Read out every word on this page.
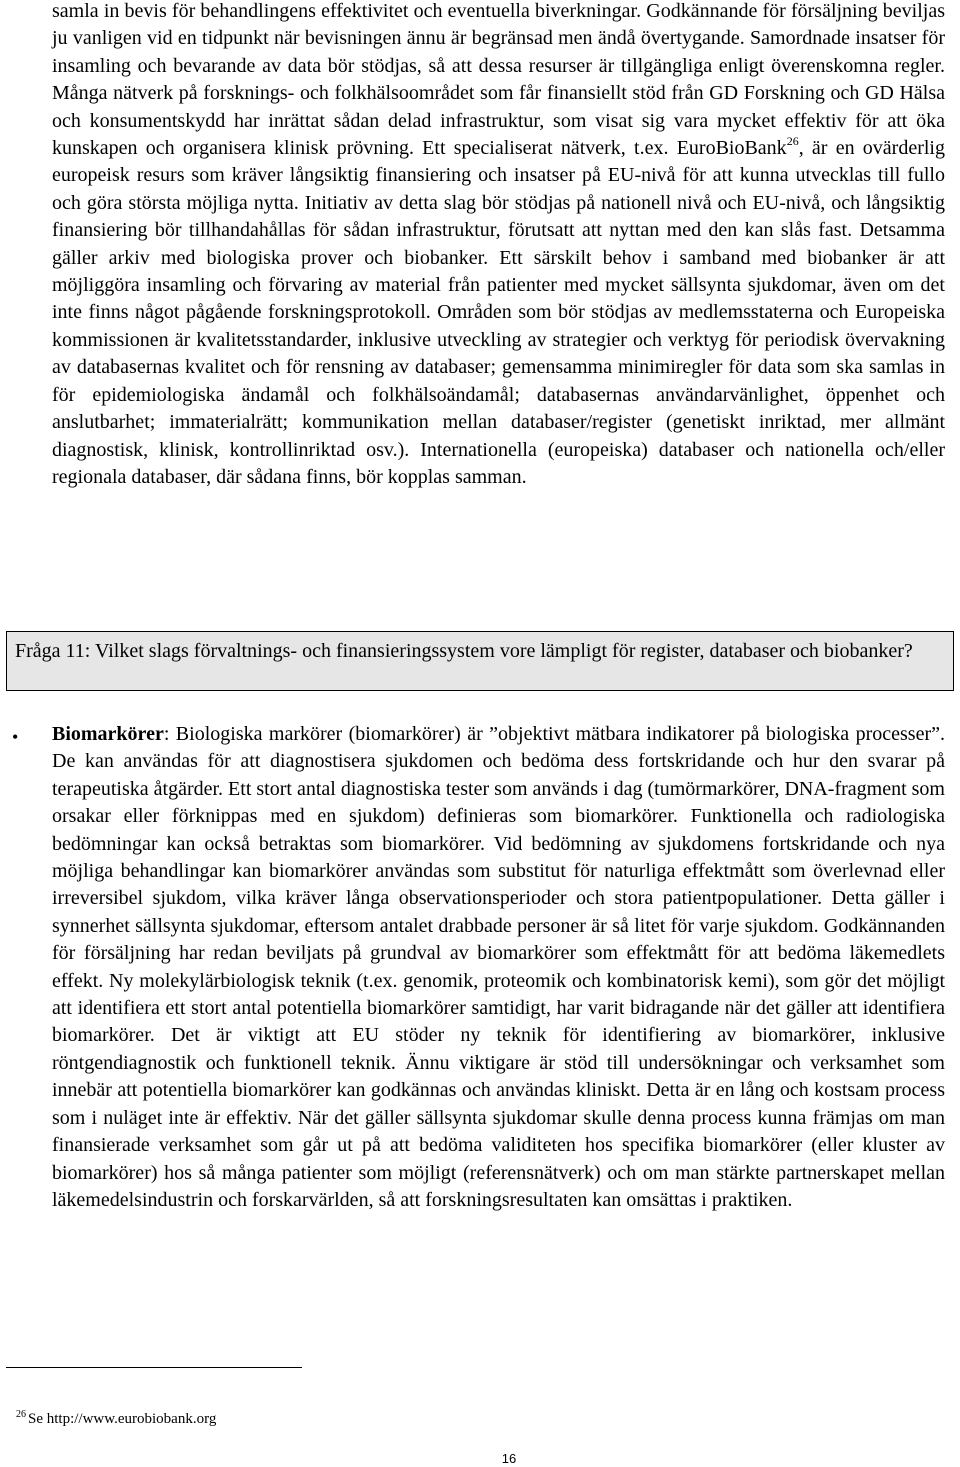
samla in bevis för behandlingens effektivitet och eventuella biverkningar. Godkännande för försäljning beviljas ju vanligen vid en tidpunkt när bevisningen ännu är begränsad men ändå övertygande. Samordnade insatser för insamling och bevarande av data bör stödjas, så att dessa resurser är tillgängliga enligt överenskomna regler. Många nätverk på forsknings- och folkhälsoområdet som får finansiellt stöd från GD Forskning och GD Hälsa och konsumentskydd har inrättat sådan delad infrastruktur, som visat sig vara mycket effektiv för att öka kunskapen och organisera klinisk prövning. Ett specialiserat nätverk, t.ex. EuroBioBank$^{26}$, är en ovärderlig europeisk resurs som kräver långsiktig finansiering och insatser på EU-nivå för att kunna utvecklas till fullo och göra största möjliga nytta. Initiativ av detta slag bör stödjas på nationell nivå och EU-nivå, och långsiktig finansiering bör tillhandahållas för sådan infrastruktur, förutsatt att nyttan med den kan slås fast. Detsamma gäller arkiv med biologiska prover och biobanker. Ett särskilt behov i samband med biobanker är att möjliggöra insamling och förvaring av material från patienter med mycket sällsynta sjukdomar, även om det inte finns något pågående forskningsprotokoll. Områden som bör stödjas av medlemsstaterna och Europeiska kommissionen är kvalitetsstandarder, inklusive utveckling av strategier och verktyg för periodisk övervakning av databasernas kvalitet och för rensning av databaser; gemensamma minimiregler för data som ska samlas in för epidemiologiska ändamål och folkhälsoändamål; databasernas användarvänlighet, öppenhet och anslutbarhet; immaterialrätt; kommunikation mellan databaser/register (genetiskt inriktad, mer allmänt diagnostisk, klinisk, kontrollinriktad osv.). Internationella (europeiska) databaser och nationella och/eller regionala databaser, där sådana finns, bör kopplas samman.

Fråga 11: Vilket slags förvaltnings- och finansieringssystem vore lämpligt för register, databaser och biobanker?

• Biomarkörer: Biologiska markörer (biomarkörer) är ”objektivt mätbara indikatorer på biologiska processer”. De kan användas för att diagnostisera sjukdomen och bedöma dess fortskridande och hur den svarar på terapeutiska åtgärder. Ett stort antal diagnostiska tester som används i dag (tumörmarkörer, DNA-fragment som orsakar eller förknippas med en sjukdom) definieras som biomarkörer. Funktionella och radiologiska bedömningar kan också betraktas som biomarkörer. Vid bedömning av sjukdomens fortskridande och nya möjliga behandlingar kan biomarkörer användas som substitut för naturliga effektmått som överlevnad eller irreversibel sjukdom, vilka kräver långa observationsperioder och stora patientpopulationer. Detta gäller i synnerhet sällsynta sjukdomar, eftersom antalet drabbade personer är så litet för varje sjukdom. Godkännanden för försäljning har redan beviljats på grundval av biomarkörer som effektmått för att bedöma läkemedlets effekt. Ny molekylärbiologisk teknik (t.ex. genomik, proteomik och kombinatorisk kemi), som gör det möjligt att identifiera ett stort antal potentiella biomarkörer samtidigt, har varit bidragande när det gäller att identifiera biomarkörer. Det är viktigt att EU stöder ny teknik för identifiering av biomarkörer, inklusive röntgendiagnostik och funktionell teknik. Ännu viktigare är stöd till undersökningar och verksamhet som innebär att potentiella biomarkörer kan godkännas och användas kliniskt. Detta är en lång och kostsam process som i nuläget inte är effektiv. När det gäller sällsynta sjukdomar skulle denna process kunna främjas om man finansierade verksamhet som går ut på att bedöma validiteten hos specifika biomarkörer (eller kluster av biomarkörer) hos så många patienter som möjligt (referensnätverk) och om man stärkte partnerskapet mellan läkemedelsindustrin och forskarvärlden, så att forskningsresultaten kan omsättas i praktiken.

$^{26}$ Se http://www.eurobiobank.org

16
